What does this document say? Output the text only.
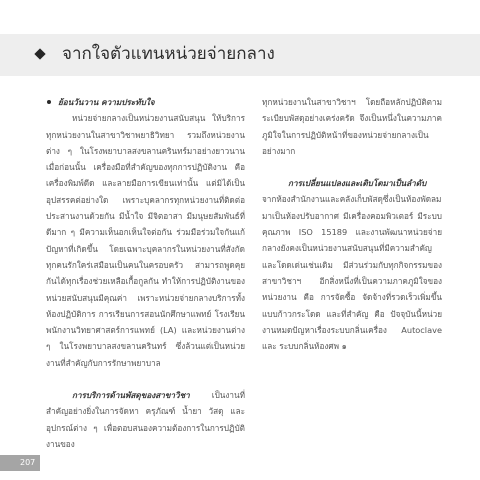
จากใจตัวแทนหน่วยจ่ายกลาง

ย้อนวันวาน ความประทับใจ

หน่วยจ่ายกลางเป็นหน่วยงานสนับสนุน ให้บริการทุกหน่วยงานในสาขาวิชาพยาธิวิทยา รวมถึงหน่วยงานต่าง ๆ ในโรงพยาบาลสงขลานครินทร์มาอย่างยาวนาน เมื่อก่อนนั้น เครื่องมือที่สำคัญของทุกการปฏิบัติงาน คือ เครื่องพิมพ์ดีด และลายมือการเขียนเท่านั้น แต่มิได้เป็นอุปสรรคต่อย่างใด เพราะบุคลากรทุกหน่วยงานที่ติดต่อประสานงานด้วยกัน มีน้ำใจ มีจิตอาสา มีมนุษยสัมพันธ์ที่ดีมาก ๆ มีความเห็นอกเห็นใจต่อกัน ร่วมมือร่วมใจกันแก้ปัญหาที่เกิดขึ้น โดยเฉพาะบุคลากรในหน่วยงานที่สังกัดทุกคนรักใคร่เสมือนเป็นคนในครอบครัว สามารถพูดคุยกันได้ทุกเรื่องช่วยเหลือเกื้อกูลกัน ทำให้การปฏิบัติงานของหน่วยสนับสนุนมีคุณค่า เพราะหน่วยจ่ายกลางบริการทั้งห้องปฏิบัติการ การเรียนการสอนนักศึกษาแพทย์ โรงเรียนพนักงานวิทยาศาสตร์การแพทย์ (LA) และหน่วยงานต่าง ๆ ในโรงพยาบาลสงขลานครินทร์ ซึ่งล้วนแต่เป็นหน่วยงานที่สำคัญกับการรักษาพยาบาล

การบริการด้านพัสดุของสาขาวิชา เป็นงานที่สำคัญอย่างยิ่งในการจัดหา ครุภัณฑ์ น้ำยา วัสดุ และอุปกรณ์ต่าง ๆ เพื่อตอบสนองความต้องการในการปฏิบัติงานของ

ทุกหน่วยงานในสาขาวิชาฯ โดยถือหลักปฏิบัติตามระเบียบพัสดุอย่างเคร่งครัด จึงเป็นหนึ่งในความภาคภูมิใจในการปฏิบัติหน้าที่ของหน่วยจ่ายกลางเป็นอย่างมาก

การเปลี่ยนแปลงและเติบโตมาเป็นลำดับ จากห้องสำนักงานและคลังเก็บพัสดุซึ่งเป็นห้องพัดลม มาเป็นห้องปรับอากาศ มีเครื่องคอมพิวเตอร์ มีระบบคุณภาพ ISO 15189 และงานพัฒนาหน่วยจ่ายกลางยังคงเป็นหน่วยงานสนับสนุนที่มีความสำคัญและโดดเด่นเช่นเดิม มีส่วนร่วมกับทุกกิจกรรมของสาขาวิชาฯ อีกสิ่งหนึ่งที่เป็นความภาคภูมิใจของหน่วยงาน คือ การจัดซื้อ จัดจ้างที่รวดเร็วเพิ่มขึ้นแบบก้าวกระโดด และที่สำคัญ คือ ปัจจุบันนี้หน่วยงานหมดปัญหาเรื่องระบบกลิ่นเครื่อง Autoclave และ ระบบกลิ่นห้องศพ ๑

207
